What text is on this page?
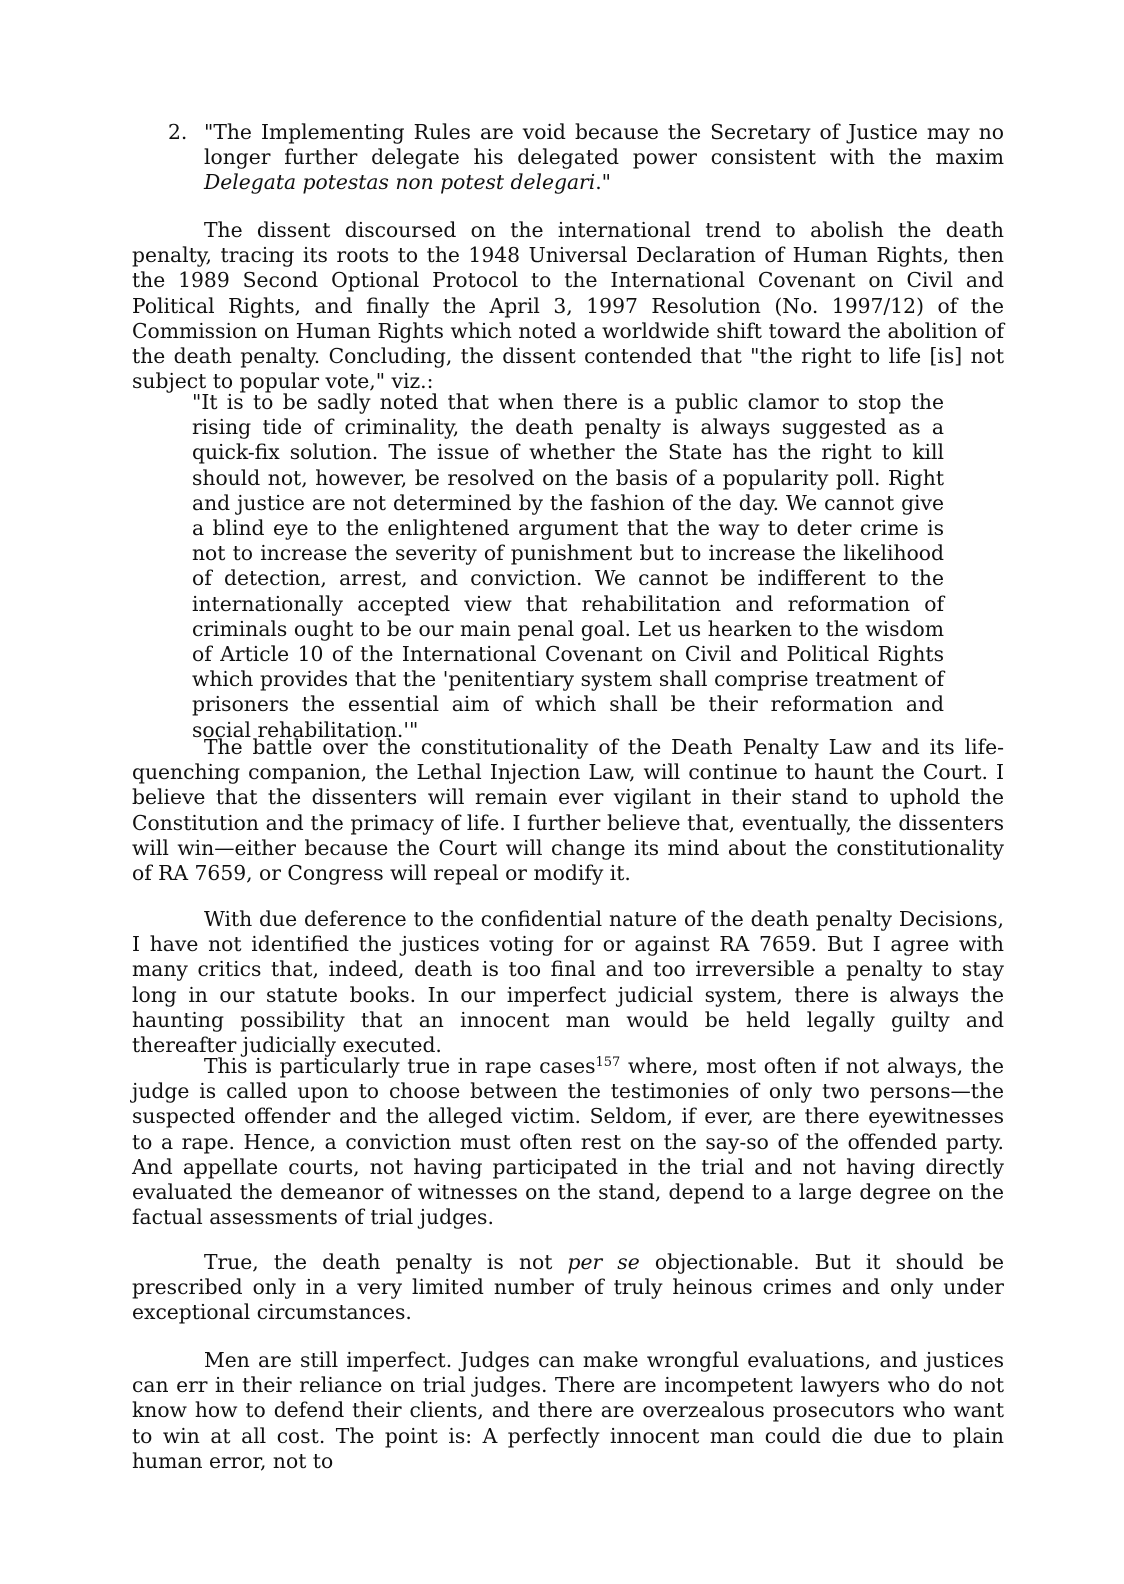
2. "The Implementing Rules are void because the Secretary of Justice may no longer further delegate his delegated power consistent with the maxim Delegata potestas non potest delegari."

The dissent discoursed on the international trend to abolish the death penalty, tracing its roots to the 1948 Universal Declaration of Human Rights, then the 1989 Second Optional Protocol to the International Covenant on Civil and Political Rights, and finally the April 3, 1997 Resolution (No. 1997/12) of the Commission on Human Rights which noted a worldwide shift toward the abolition of the death penalty. Concluding, the dissent contended that "the right to life [is] not subject to popular vote," viz.:

"It is to be sadly noted that when there is a public clamor to stop the rising tide of criminality, the death penalty is always suggested as a quick-fix solution. The issue of whether the State has the right to kill should not, however, be resolved on the basis of a popularity poll. Right and justice are not determined by the fashion of the day. We cannot give a blind eye to the enlightened argument that the way to deter crime is not to increase the severity of punishment but to increase the likelihood of detection, arrest, and conviction. We cannot be indifferent to the internationally accepted view that rehabilitation and reformation of criminals ought to be our main penal goal. Let us hearken to the wisdom of Article 10 of the International Covenant on Civil and Political Rights which provides that the 'penitentiary system shall comprise treatment of prisoners the essential aim of which shall be their reformation and social rehabilitation.'"

The battle over the constitutionality of the Death Penalty Law and its life-quenching companion, the Lethal Injection Law, will continue to haunt the Court. I believe that the dissenters will remain ever vigilant in their stand to uphold the Constitution and the primacy of life. I further believe that, eventually, the dissenters will win—either because the Court will change its mind about the constitutionality of RA 7659, or Congress will repeal or modify it.

With due deference to the confidential nature of the death penalty Decisions, I have not identified the justices voting for or against RA 7659. But I agree with many critics that, indeed, death is too final and too irreversible a penalty to stay long in our statute books. In our imperfect judicial system, there is always the haunting possibility that an innocent man would be held legally guilty and thereafter judicially executed.

This is particularly true in rape cases$^{157}$ where, most often if not always, the judge is called upon to choose between the testimonies of only two persons—the suspected offender and the alleged victim. Seldom, if ever, are there eyewitnesses to a rape. Hence, a conviction must often rest on the say-so of the offended party. And appellate courts, not having participated in the trial and not having directly evaluated the demeanor of witnesses on the stand, depend to a large degree on the factual assessments of trial judges.

True, the death penalty is not per se objectionable. But it should be prescribed only in a very limited number of truly heinous crimes and only under exceptional circumstances.

Men are still imperfect. Judges can make wrongful evaluations, and justices can err in their reliance on trial judges. There are incompetent lawyers who do not know how to defend their clients, and there are overzealous prosecutors who want to win at all cost. The point is: A perfectly innocent man could die due to plain human error, not to
